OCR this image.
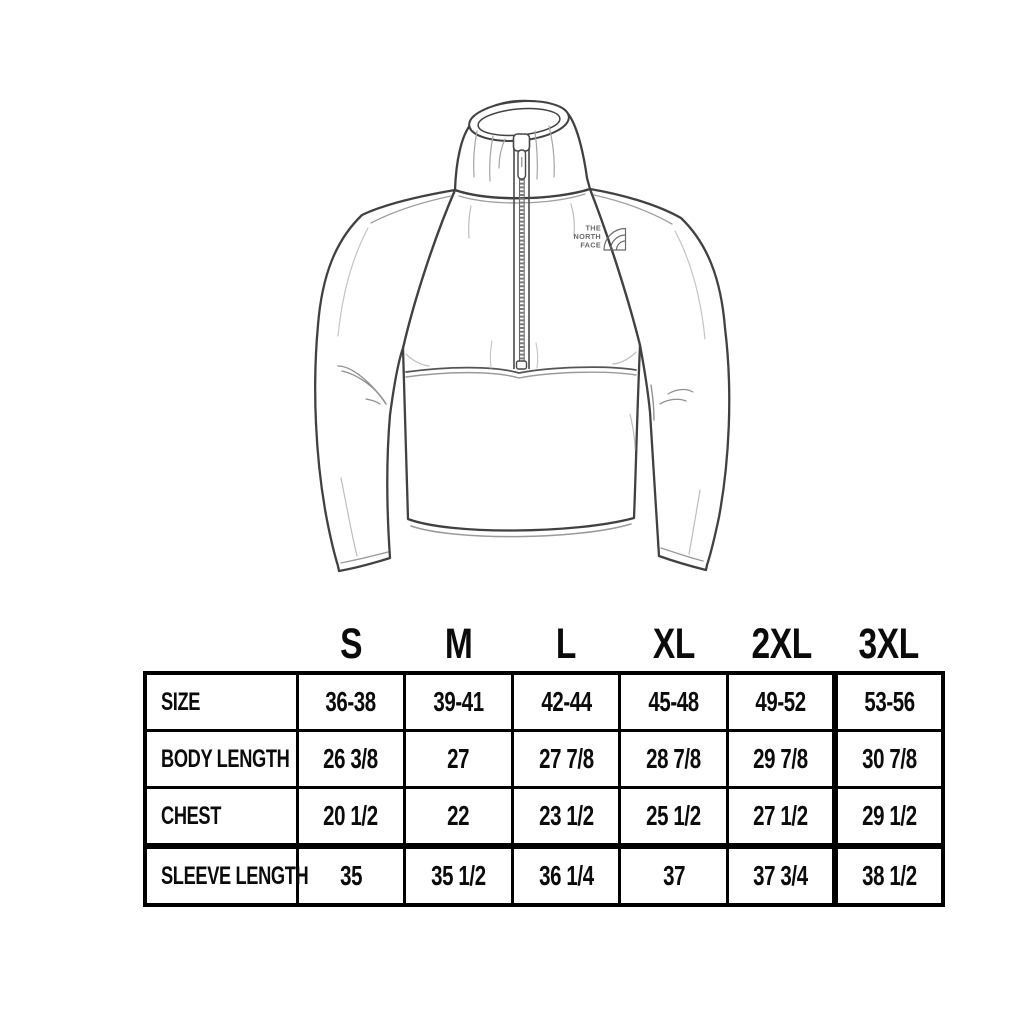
THE
NORTH
FACE
	S	M	L	XL	2XL	3XL
SIZE	36-38	39-41	42-44	45-48	49-52	53-56
BODY LENGTH	26 3/8	27	27 7/8	28 7/8	29 7/8	30 7/8
CHEST	20 1/2	22	23 1/2	25 1/2	27 1/2	29 1/2
SLEEVE LENGTH	35	35 1/2	36 1/4	37	37 3/4	38 1/2
